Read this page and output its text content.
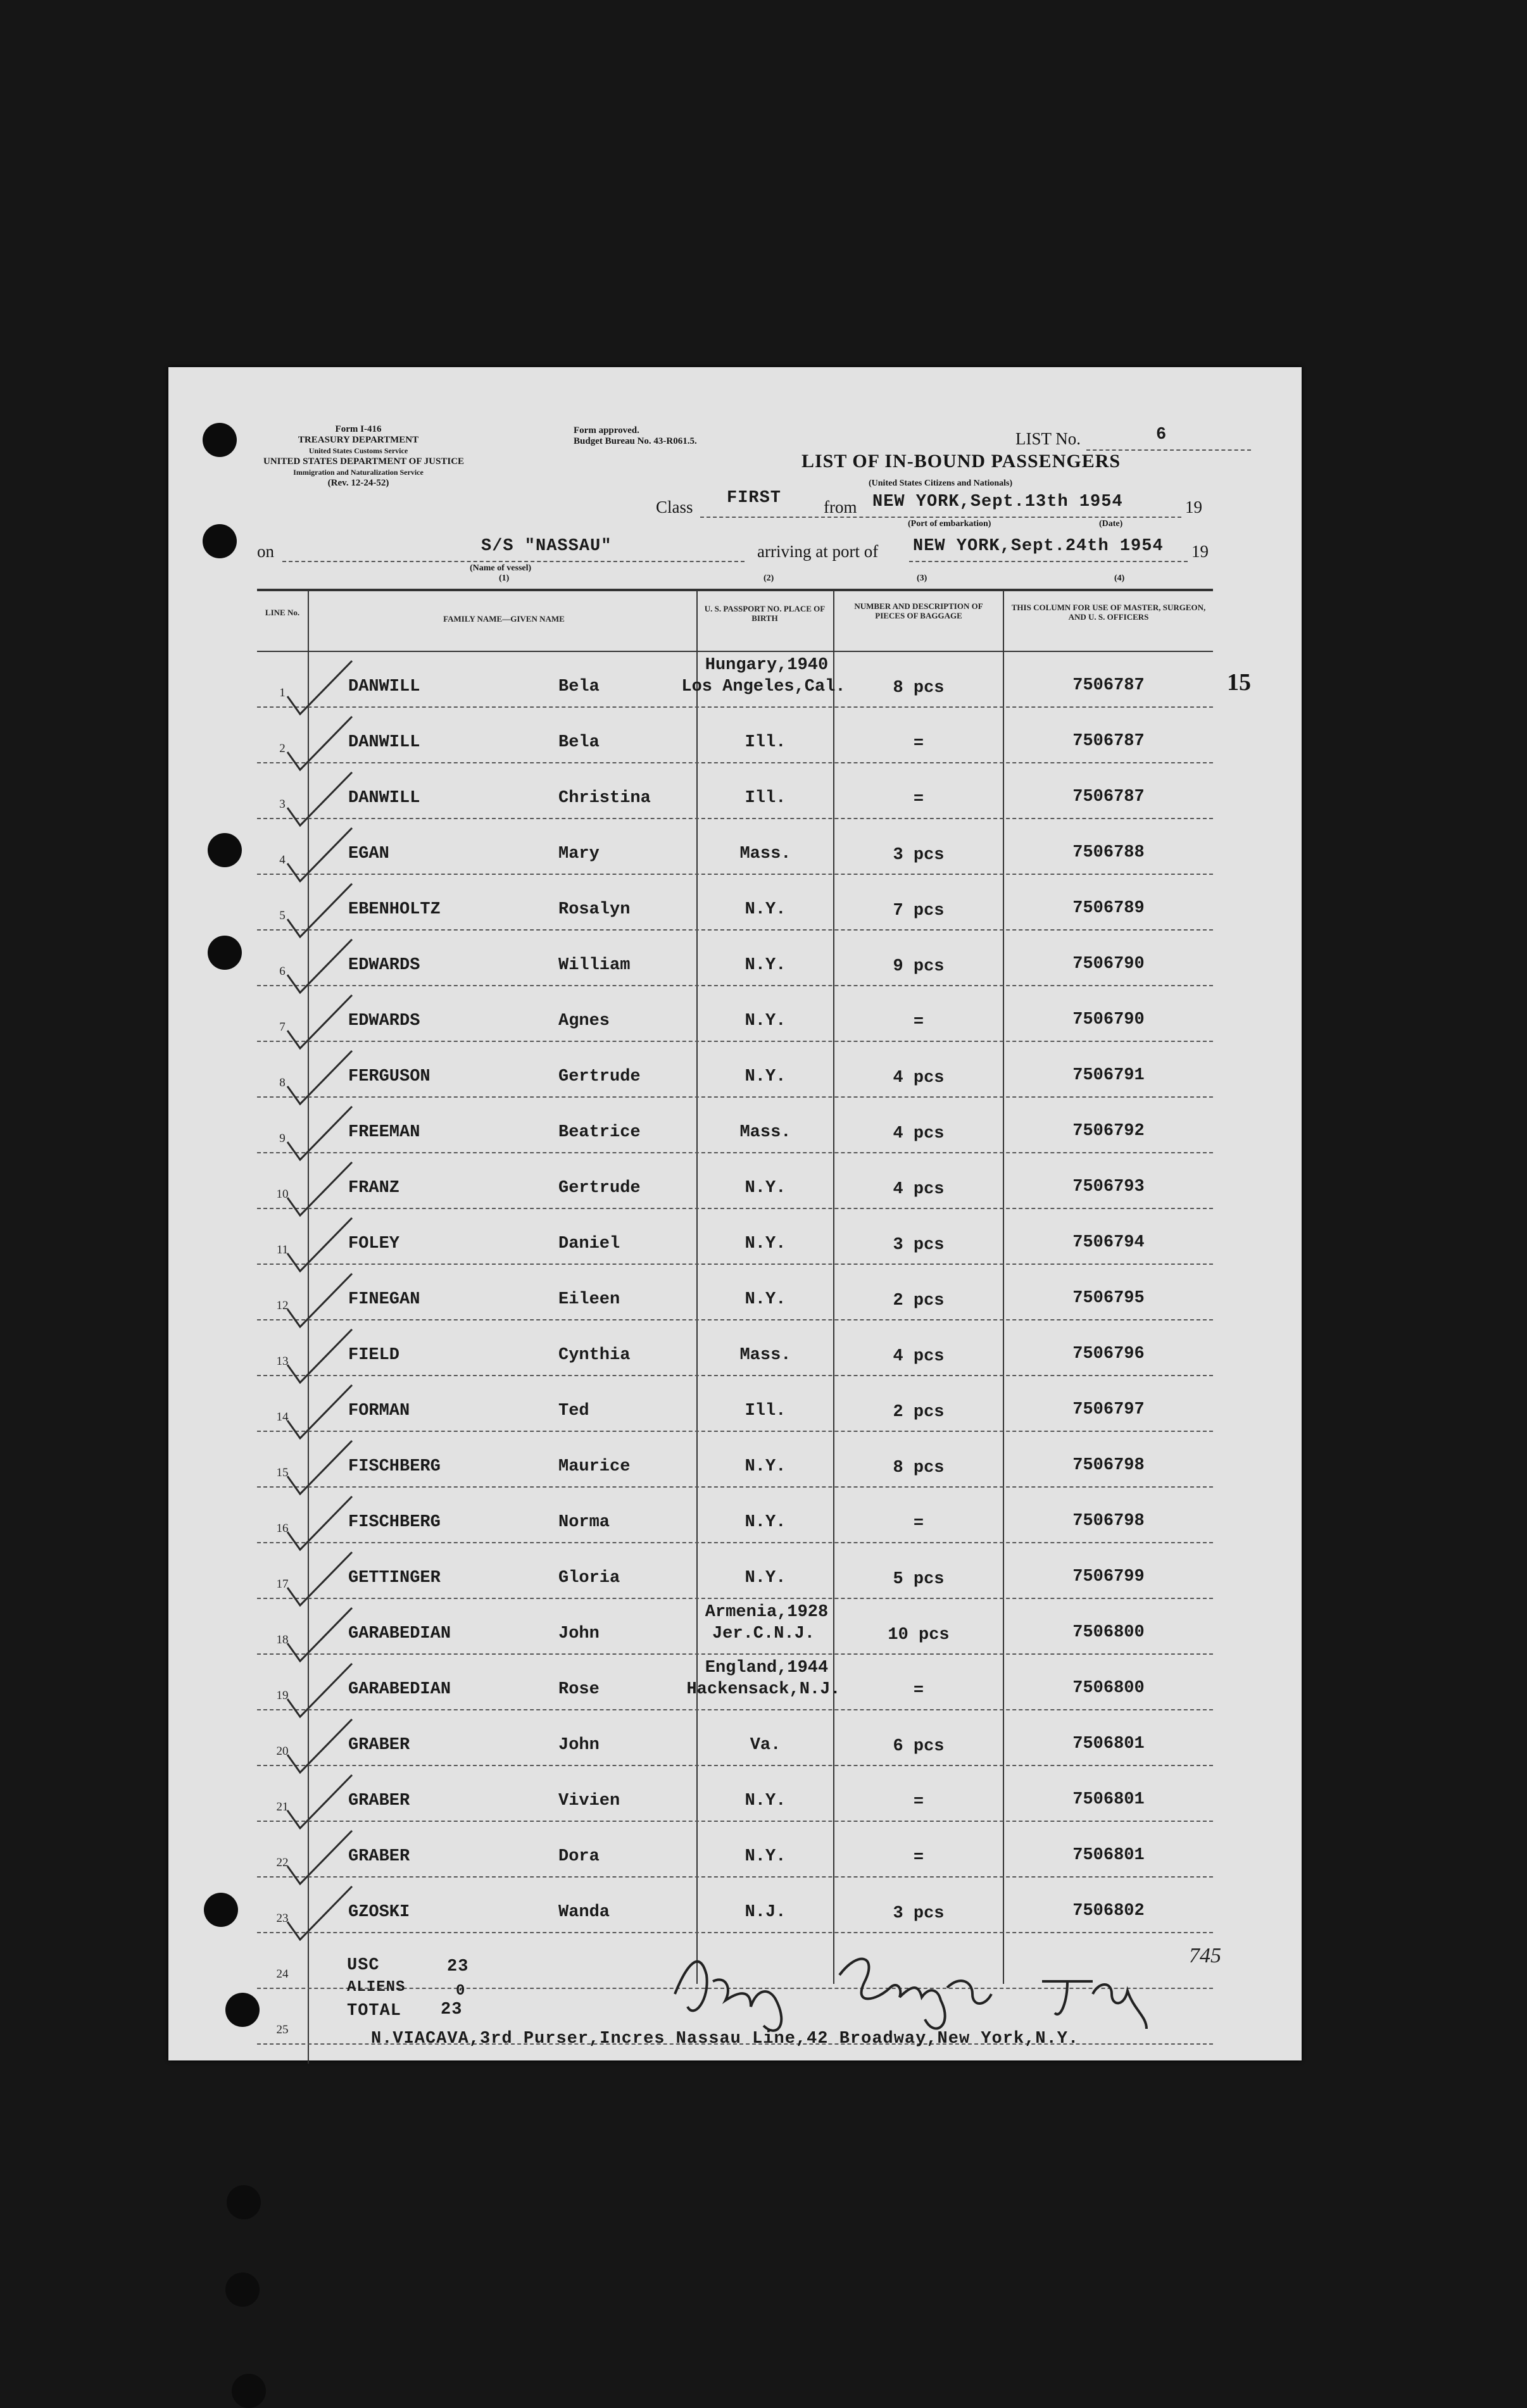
Form I-416
TREASURY DEPARTMENT
United States Customs Service
UNITED STATES DEPARTMENT OF JUSTICE
Immigration and Naturalization Service
(Rev. 12-24-52)
Form approved.
Budget Bureau No. 43-R061.5.	LIST No.	6
LIST OF IN-BOUND PASSENGERS
(United States Citizens and Nationals)
Class FIRST from NEW YORK,Sept.13th 1954	19
(Port of embarkation)	(Date)
on	S/S "NASSAU"	arriving at port of NEW YORK,Sept.24th 1954 19
(Name of vessel)
(1)	(2)	(3)	(4)
LINE No.
FAMILY NAME—GIVEN NAME
U. S. PASSPORT NO. PLACE OF BIRTH
NUMBER AND DESCRIPTION OF PIECES OF BAGGAGE
THIS COLUMN FOR USE OF MASTER, SURGEON, AND U. S. OFFICERS
1	DANWILL	Bela
Hungary,1940
Los Angeles,Cal.	8 pcs	7506787
2	DANWILL	Bela	Ill.	=	7506787
3	DANWILL	Christina	Ill.	=	7506787
4	EGAN	Mary	Mass.	3 pcs	7506788
5	EBENHOLTZ	Rosalyn	N.Y.	7 pcs	7506789
6	EDWARDS	William	N.Y.	9 pcs	7506790
7	EDWARDS	Agnes	N.Y.	=	7506790
8	FERGUSON	Gertrude	N.Y.	4 pcs	7506791
9	FREEMAN	Beatrice	Mass.	4 pcs	7506792
10	FRANZ	Gertrude	N.Y.	4 pcs	7506793
11	FOLEY	Daniel	N.Y.	3 pcs	7506794
12	FINEGAN	Eileen	N.Y.	2 pcs	7506795
13	FIELD	Cynthia	Mass.	4 pcs	7506796
14	FORMAN	Ted	Ill.	2 pcs	7506797
15	FISCHBERG	Maurice	N.Y.	8 pcs	7506798
16	FISCHBERG	Norma	N.Y.	=	7506798
17	GETTINGER	Gloria	N.Y.	5 pcs	7506799
18	GARABEDIAN	John
Armenia,1928
Jer.C.N.J.	10 pcs	7506800
19	GARABEDIAN	Rose
England,1944
Hackensack,N.J.	=	7506800
20	GRABER	John	Va.	6 pcs	7506801
21	GRABER	Vivien	N.Y.	=	7506801
22	GRABER	Dora	N.Y.	=	7506801
23	GZOSKI	Wanda	N.J.	3 pcs	7506802
24
25
15
USC	23
ALIENS	0
TOTAL 23
745
N.VIACAVA,3rd Purser,Incres Nassau Line,42 Broadway,New York,N.Y.
